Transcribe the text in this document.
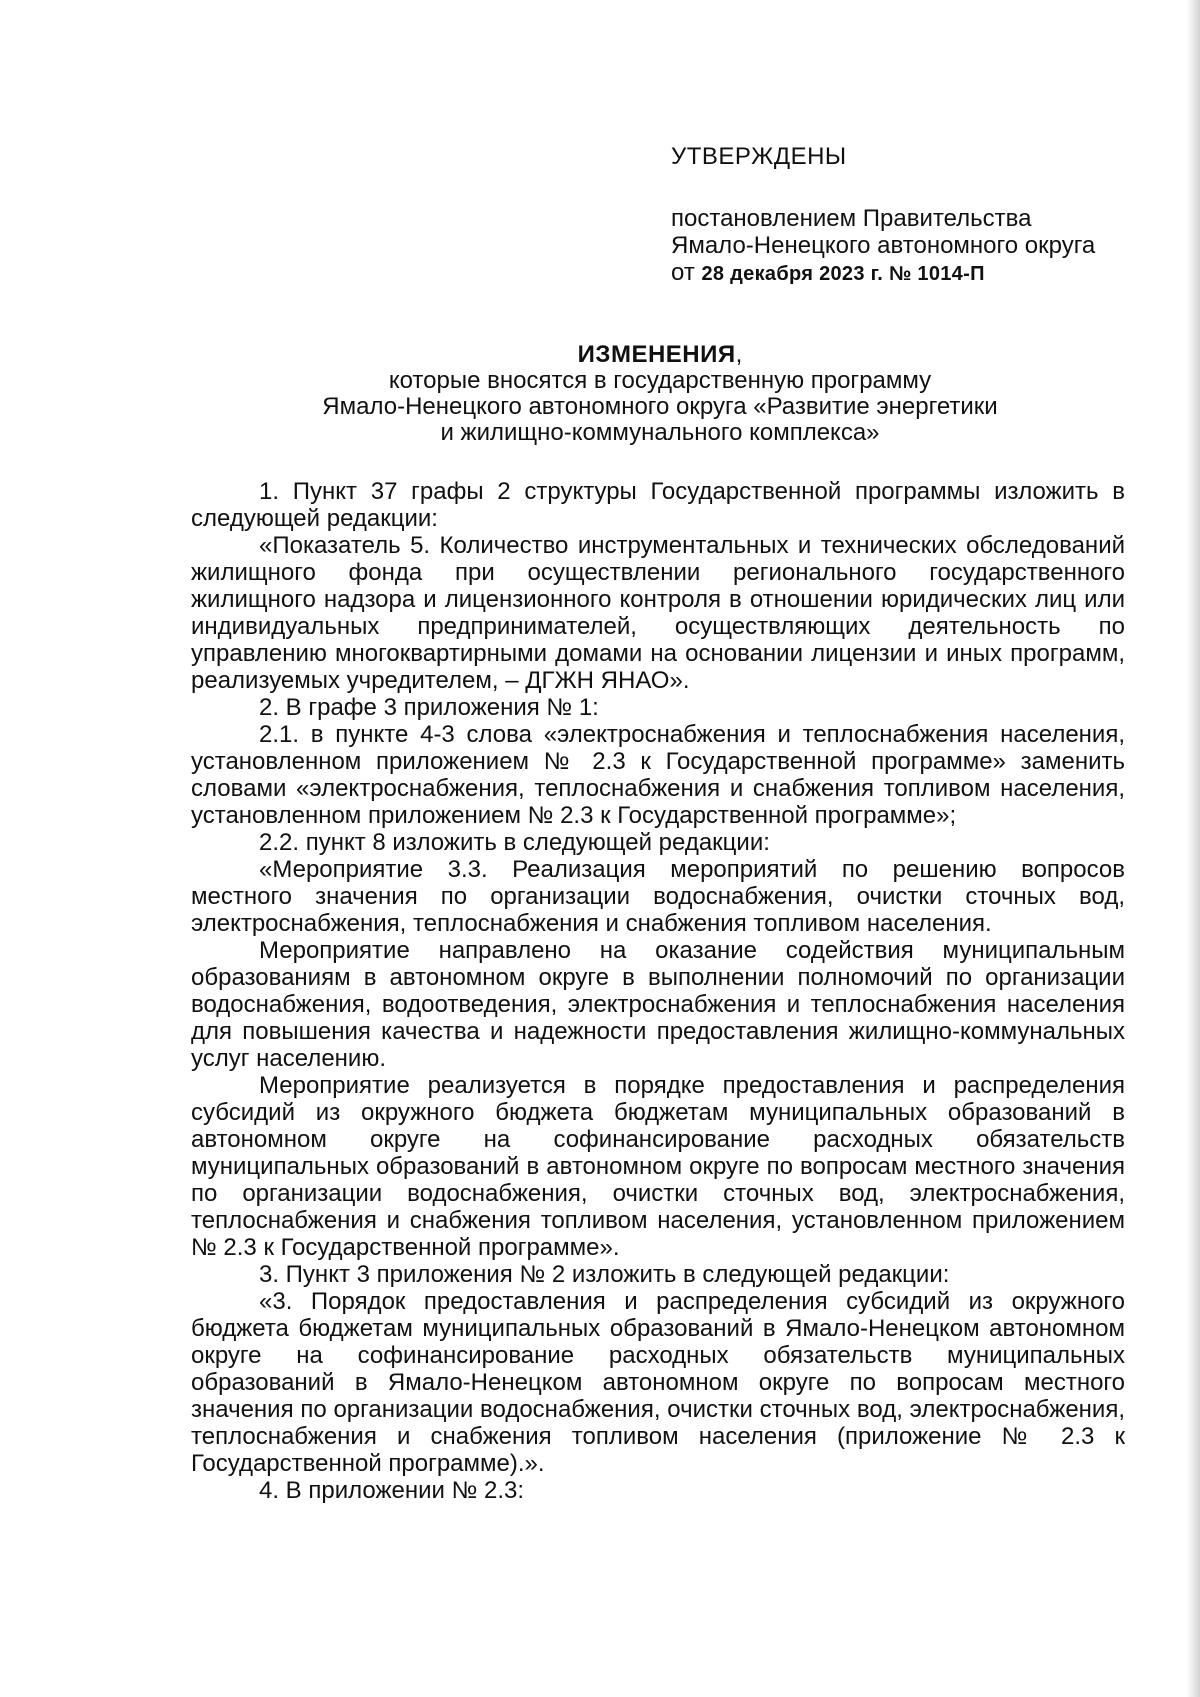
УТВЕРЖДЕНЫ

постановлением Правительства

Ямало-Ненецкого автономного округа

от 28 декабря 2023 г. № 1014-П

ИЗМЕНЕНИЯ,

которые вносятся в государственную программу

Ямало-Ненецкого автономного округа «Развитие энергетики

и жилищно-коммунального комплекса»

1. Пункт 37 графы 2 структуры Государственной программы изложить в следующей редакции:

«Показатель 5. Количество инструментальных и технических обследований жилищного фонда при осуществлении регионального государственного жилищного надзора и лицензионного контроля в отношении юридических лиц или индивидуальных предпринимателей, осуществляющих деятельность по управлению многоквартирными домами на основании лицензии и иных программ, реализуемых учредителем, – ДГЖН ЯНАО».

2. В графе 3 приложения № 1:

2.1. в пункте 4-3 слова «электроснабжения и теплоснабжения населения, установленном приложением № 2.3 к Государственной программе» заменить словами «электроснабжения, теплоснабжения и снабжения топливом населения, установленном приложением № 2.3 к Государственной программе»;

2.2. пункт 8 изложить в следующей редакции:

«Мероприятие 3.3. Реализация мероприятий по решению вопросов местного значения по организации водоснабжения, очистки сточных вод, электроснабжения, теплоснабжения и снабжения топливом населения.

Мероприятие направлено на оказание содействия муниципальным образованиям в автономном округе в выполнении полномочий по организации водоснабжения, водоотведения, электроснабжения и теплоснабжения населения для повышения качества и надежности предоставления жилищно-коммунальных услуг населению.

Мероприятие реализуется в порядке предоставления и распределения субсидий из окружного бюджета бюджетам муниципальных образований в автономном округе на софинансирование расходных обязательств муниципальных образований в автономном округе по вопросам местного значения по организации водоснабжения, очистки сточных вод, электроснабжения, теплоснабжения и снабжения топливом населения, установленном приложением № 2.3 к Государственной программе».

3. Пункт 3 приложения № 2 изложить в следующей редакции:

«3. Порядок предоставления и распределения субсидий из окружного бюджета бюджетам муниципальных образований в Ямало-Ненецком автономном округе на софинансирование расходных обязательств муниципальных образований в Ямало-Ненецком автономном округе по вопросам местного значения по организации водоснабжения, очистки сточных вод, электроснабжения, теплоснабжения и снабжения топливом населения (приложение № 2.3 к Государственной программе).».

4. В приложении № 2.3:
